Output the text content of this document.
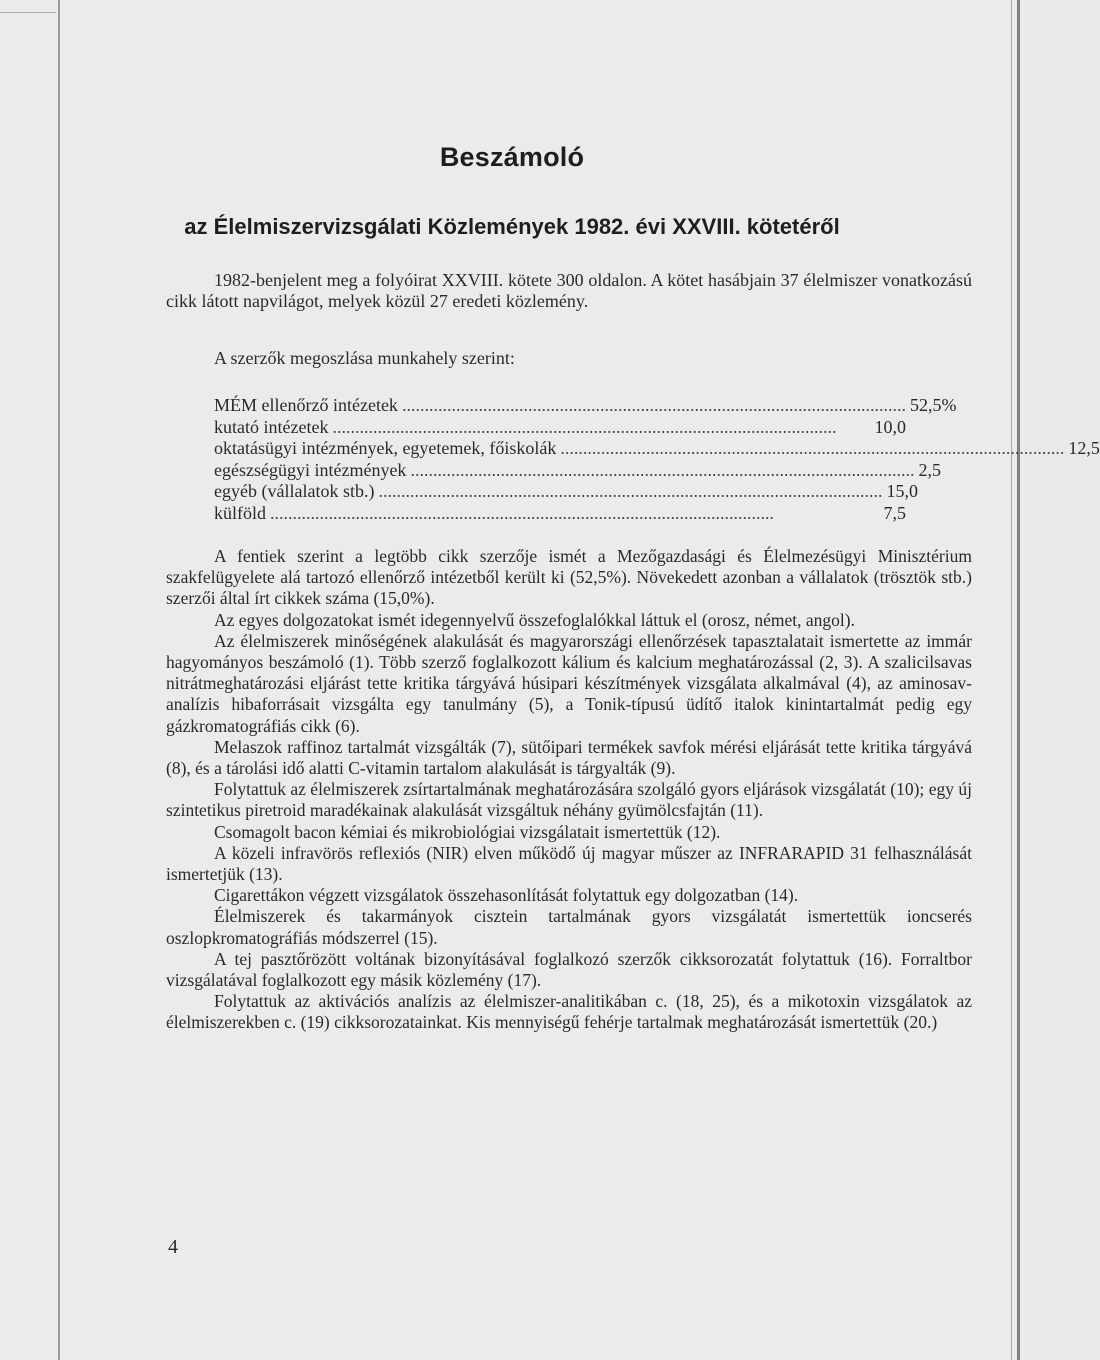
Beszámoló
az Élelmiszervizsgálati Közlemények 1982. évi XXVIII. kötetéről

1982-benjelent meg a folyóirat XXVIII. kötete 300 oldalon. A kötet hasábjain 37 élelmiszer vonatkozású cikk látott napvilágot, melyek közül 27 eredeti közlemény.

A szerzők megoszlása munkahely szerint:

MÉM ellenőrző intézetek ................................................................................................................ 52,5%
kutató intézetek ................................................................................................................	10,0
oktatásügyi intézmények, egyetemek, főiskolák ................................................................................................................ 12,5
egészségügyi intézmények ................................................................................................................ 2,5
egyéb (vállalatok stb.) ................................................................................................................ 15,0
külföld ................................................................................................................	7,5

A fentiek szerint a legtöbb cikk szerzője ismét a Mezőgazdasági és Élelmezésügyi Minisztérium szakfelügyelete alá tartozó ellenőrző intézetből került ki (52,5%). Növekedett azonban a vállalatok (trösztök stb.) szerzői által írt cikkek száma (15,0%).

Az egyes dolgozatokat ismét idegennyelvű összefoglalókkal láttuk el (orosz, német, angol).

Az élelmiszerek minőségének alakulását és magyarországi ellenőrzések tapasztalatait ismertette az immár hagyományos beszámoló (1). Több szerző foglalkozott kálium és kalcium meghatározással (2, 3). A szalicilsavas nitrátmeghatározási eljárást tette kritika tárgyává húsipari készítmények vizsgálata alkalmával (4), az aminosav-analízis hibaforrásait vizsgálta egy tanulmány (5), a Tonik-típusú üdítő italok kinintartalmát pedig egy gázkromatográfiás cikk (6).

Melaszok raffinoz tartalmát vizsgálták (7), sütőipari termékek savfok mérési eljárását tette kritika tárgyává (8), és a tárolási idő alatti C-vitamin tartalom alakulását is tárgyalták (9).

Folytattuk az élelmiszerek zsírtartalmának meghatározására szolgáló gyors eljárások vizsgálatát (10); egy új szintetikus piretroid maradékainak alakulását vizsgáltuk néhány gyümölcsfajtán (11).

Csomagolt bacon kémiai és mikrobiológiai vizsgálatait ismertettük (12).

A közeli infravörös reflexiós (NIR) elven működő új magyar műszer az INFRARAPID 31 felhasználását ismertetjük (13).

Cigarettákon végzett vizsgálatok összehasonlítását folytattuk egy dolgozatban (14).

Élelmiszerek és takarmányok cisztein tartalmának gyors vizsgálatát ismertettük ioncserés oszlopkromatográfiás módszerrel (15).

A tej pasztőrözött voltának bizonyításával foglalkozó szerzők cikksorozatát folytattuk (16). Forraltbor vizsgálatával foglalkozott egy másik közlemény (17).

Folytattuk az aktivációs analízis az élelmiszer-analitikában c. (18, 25), és a mikotoxin vizsgálatok az élelmiszerekben c. (19) cikksorozatainkat. Kis mennyiségű fehérje tartalmak meghatározását ismertettük (20.)

4
